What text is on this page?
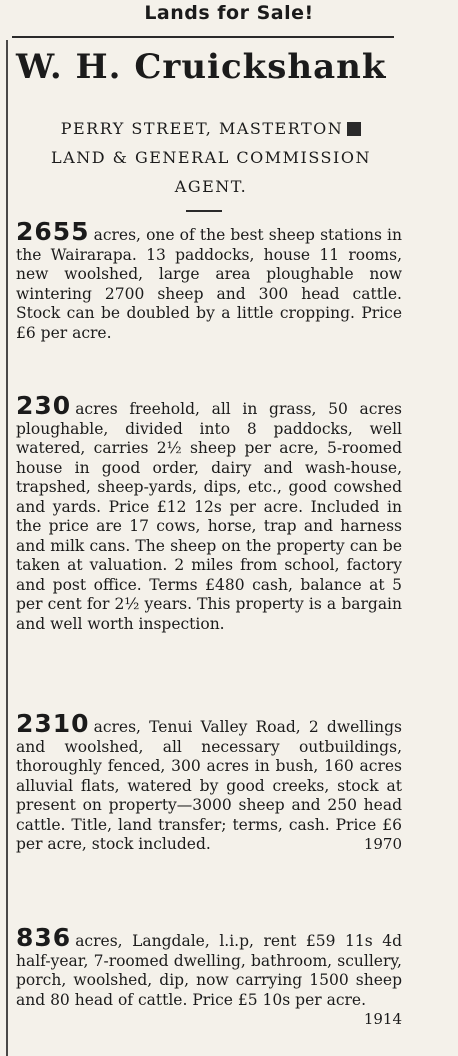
Lands for Sale!
W. H. Cruickshank
PERRY STREET, MASTERTON
LAND & GENERAL COMMISSION
AGENT.

2655 acres, one of the best sheep stations in the Wairarapa. 13 paddocks, house 11 rooms, new woolshed, large area ploughable now wintering 2700 sheep and 300 head cattle. Stock can be doubled by a little cropping. Price £6 per acre.

230 acres freehold, all in grass, 50 acres ploughable, divided into 8 paddocks, well watered, carries 2½ sheep per acre, 5-roomed house in good order, dairy and wash-house, trapshed, sheep-yards, dips, etc., good cowshed and yards. Price £12 12s per acre. Included in the price are 17 cows, horse, trap and harness and milk cans. The sheep on the property can be taken at valuation. 2 miles from school, factory and post office. Terms £480 cash, balance at 5 per cent for 2½ years. This property is a bargain and well worth inspection.

2310 acres, Tenui Valley Road, 2 dwellings and woolshed, all necessary outbuildings, thoroughly fenced, 300 acres in bush, 160 acres alluvial flats, watered by good creeks, stock at present on property—3000 sheep and 250 head cattle. Title, land transfer; terms, cash. Price £6 per acre, stock included.	1970

836 acres, Langdale, l.i.p, rent £59 11s 4d half-year, 7-roomed dwelling, bathroom, scullery, porch, woolshed, dip, now carrying 1500 sheep and 80 head of cattle. Price £5 10s per acre.
1914
